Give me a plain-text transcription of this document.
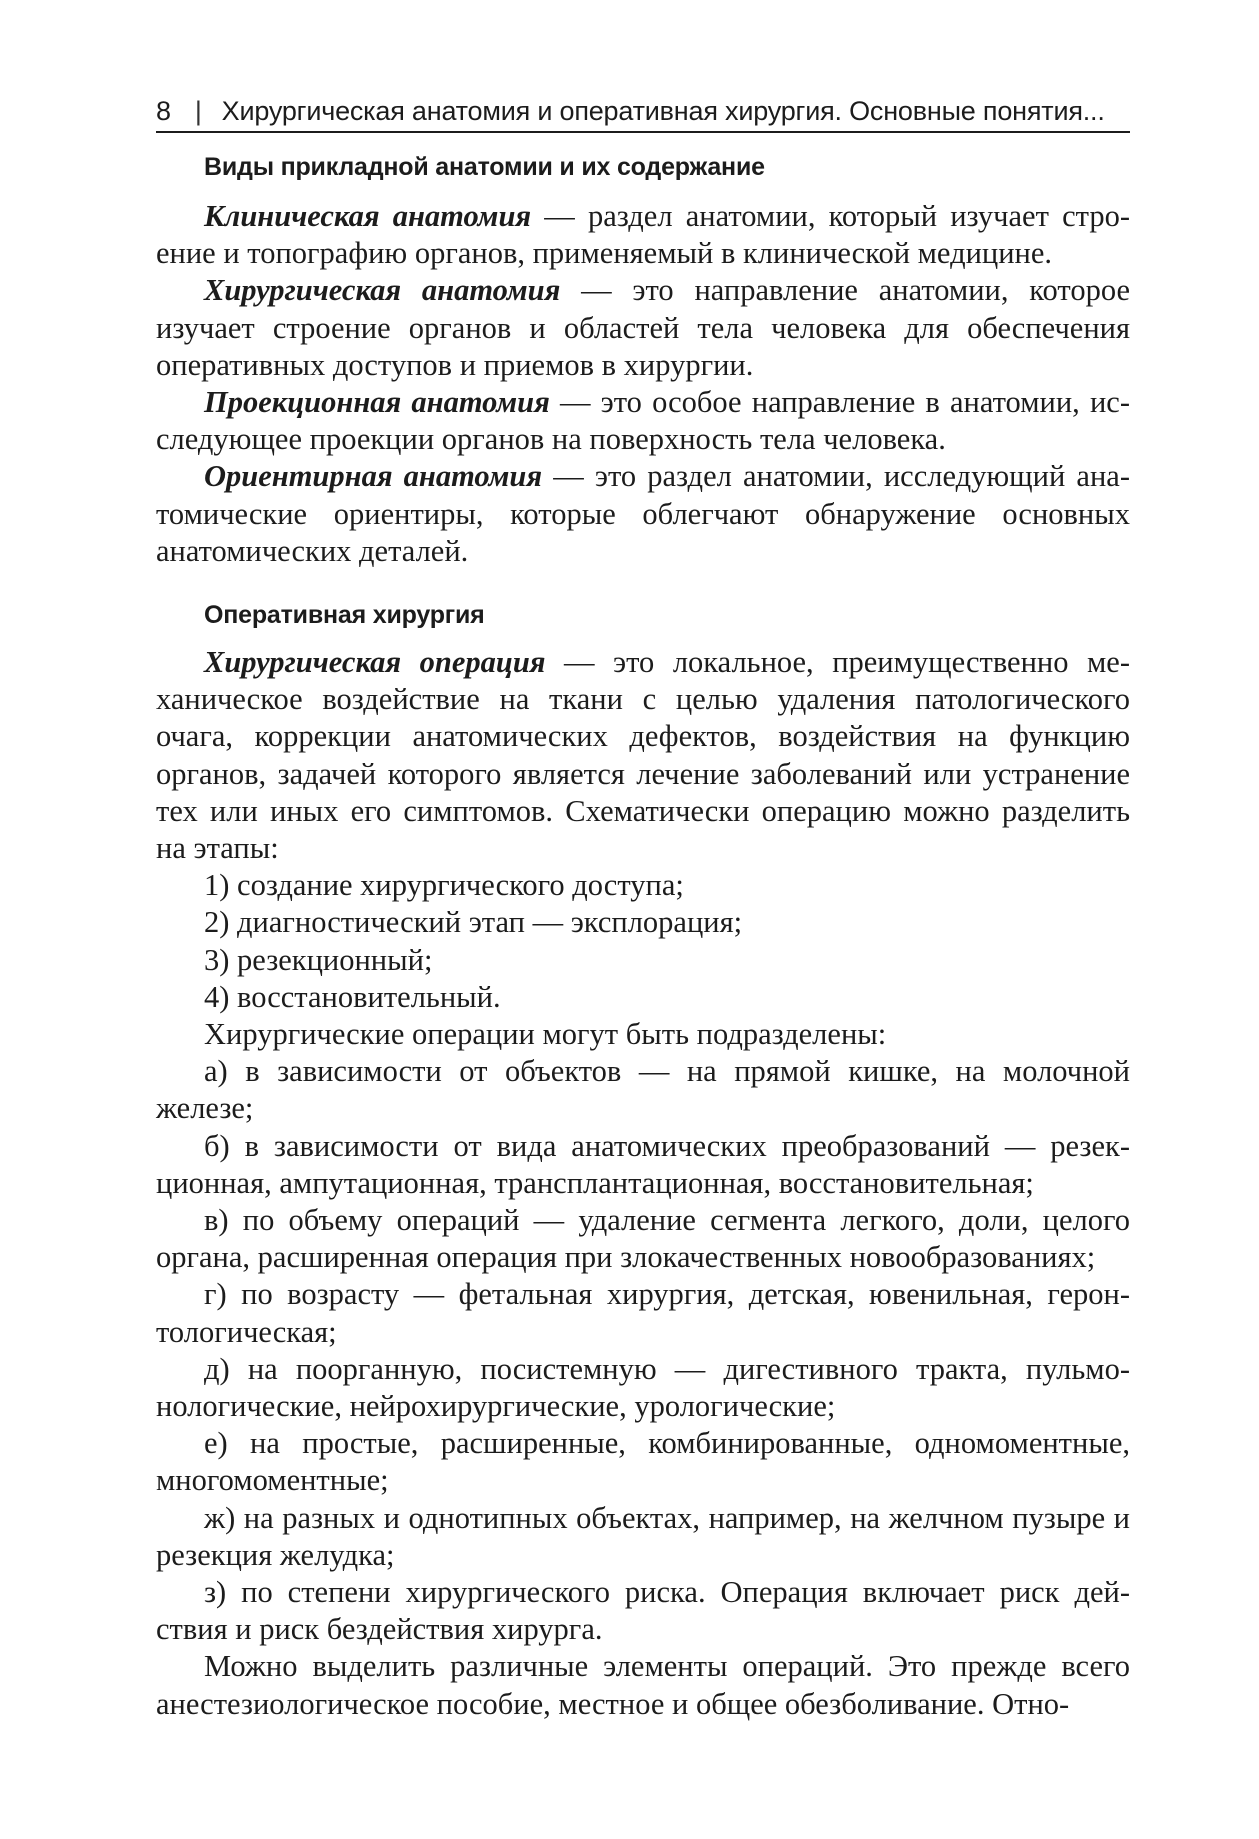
8 | Хирургическая анатомия и оперативная хирургия. Основные понятия...
Виды прикладной анатомии и их содержание

Клиническая анатомия — раздел анатомии, который изучает строение и топографию органов, применяемый в клинической медицине.

Хирургическая анатомия — это направление анатомии, которое изучает строение органов и областей тела человека для обеспечения оперативных доступов и приемов в хирургии.

Проекционная анатомия — это особое направление в анатомии, исследующее проекции органов на поверхность тела человека.

Ориентирная анатомия — это раздел анатомии, исследующий анатомические ориентиры, которые облегчают обнаружение основных анатомических деталей.

Оперативная хирургия

Хирургическая операция — это локальное, преимущественно механическое воздействие на ткани с целью удаления патологического очага, коррекции анатомических дефектов, воздействия на функцию органов, задачей которого является лечение заболеваний или устранение тех или иных его симптомов. Схематически операцию можно разделить на этапы:

1) создание хирургического доступа;

2) диагностический этап — эксплорация;

3) резекционный;

4) восстановительный.

Хирургические операции могут быть подразделены:

а) в зависимости от объектов — на прямой кишке, на молочной железе;

б) в зависимости от вида анатомических преобразований — резекционная, ампутационная, трансплантационная, восстановительная;

в) по объему операций — удаление сегмента легкого, доли, целого органа, расширенная операция при злокачественных новообразованиях;

г) по возрасту — фетальная хирургия, детская, ювенильная, геронтологическая;

д) на поорганную, посистемную — дигестивного тракта, пульмонологические, нейрохирургические, урологические;

е) на простые, расширенные, комбинированные, одномоментные, многомоментные;

ж) на разных и однотипных объектах, например, на желчном пузыре и резекция желудка;

з) по степени хирургического риска. Операция включает риск действия и риск бездействия хирурга.

Можно выделить различные элементы операций. Это прежде всего анестезиологическое пособие, местное и общее обезболивание. Отно-
